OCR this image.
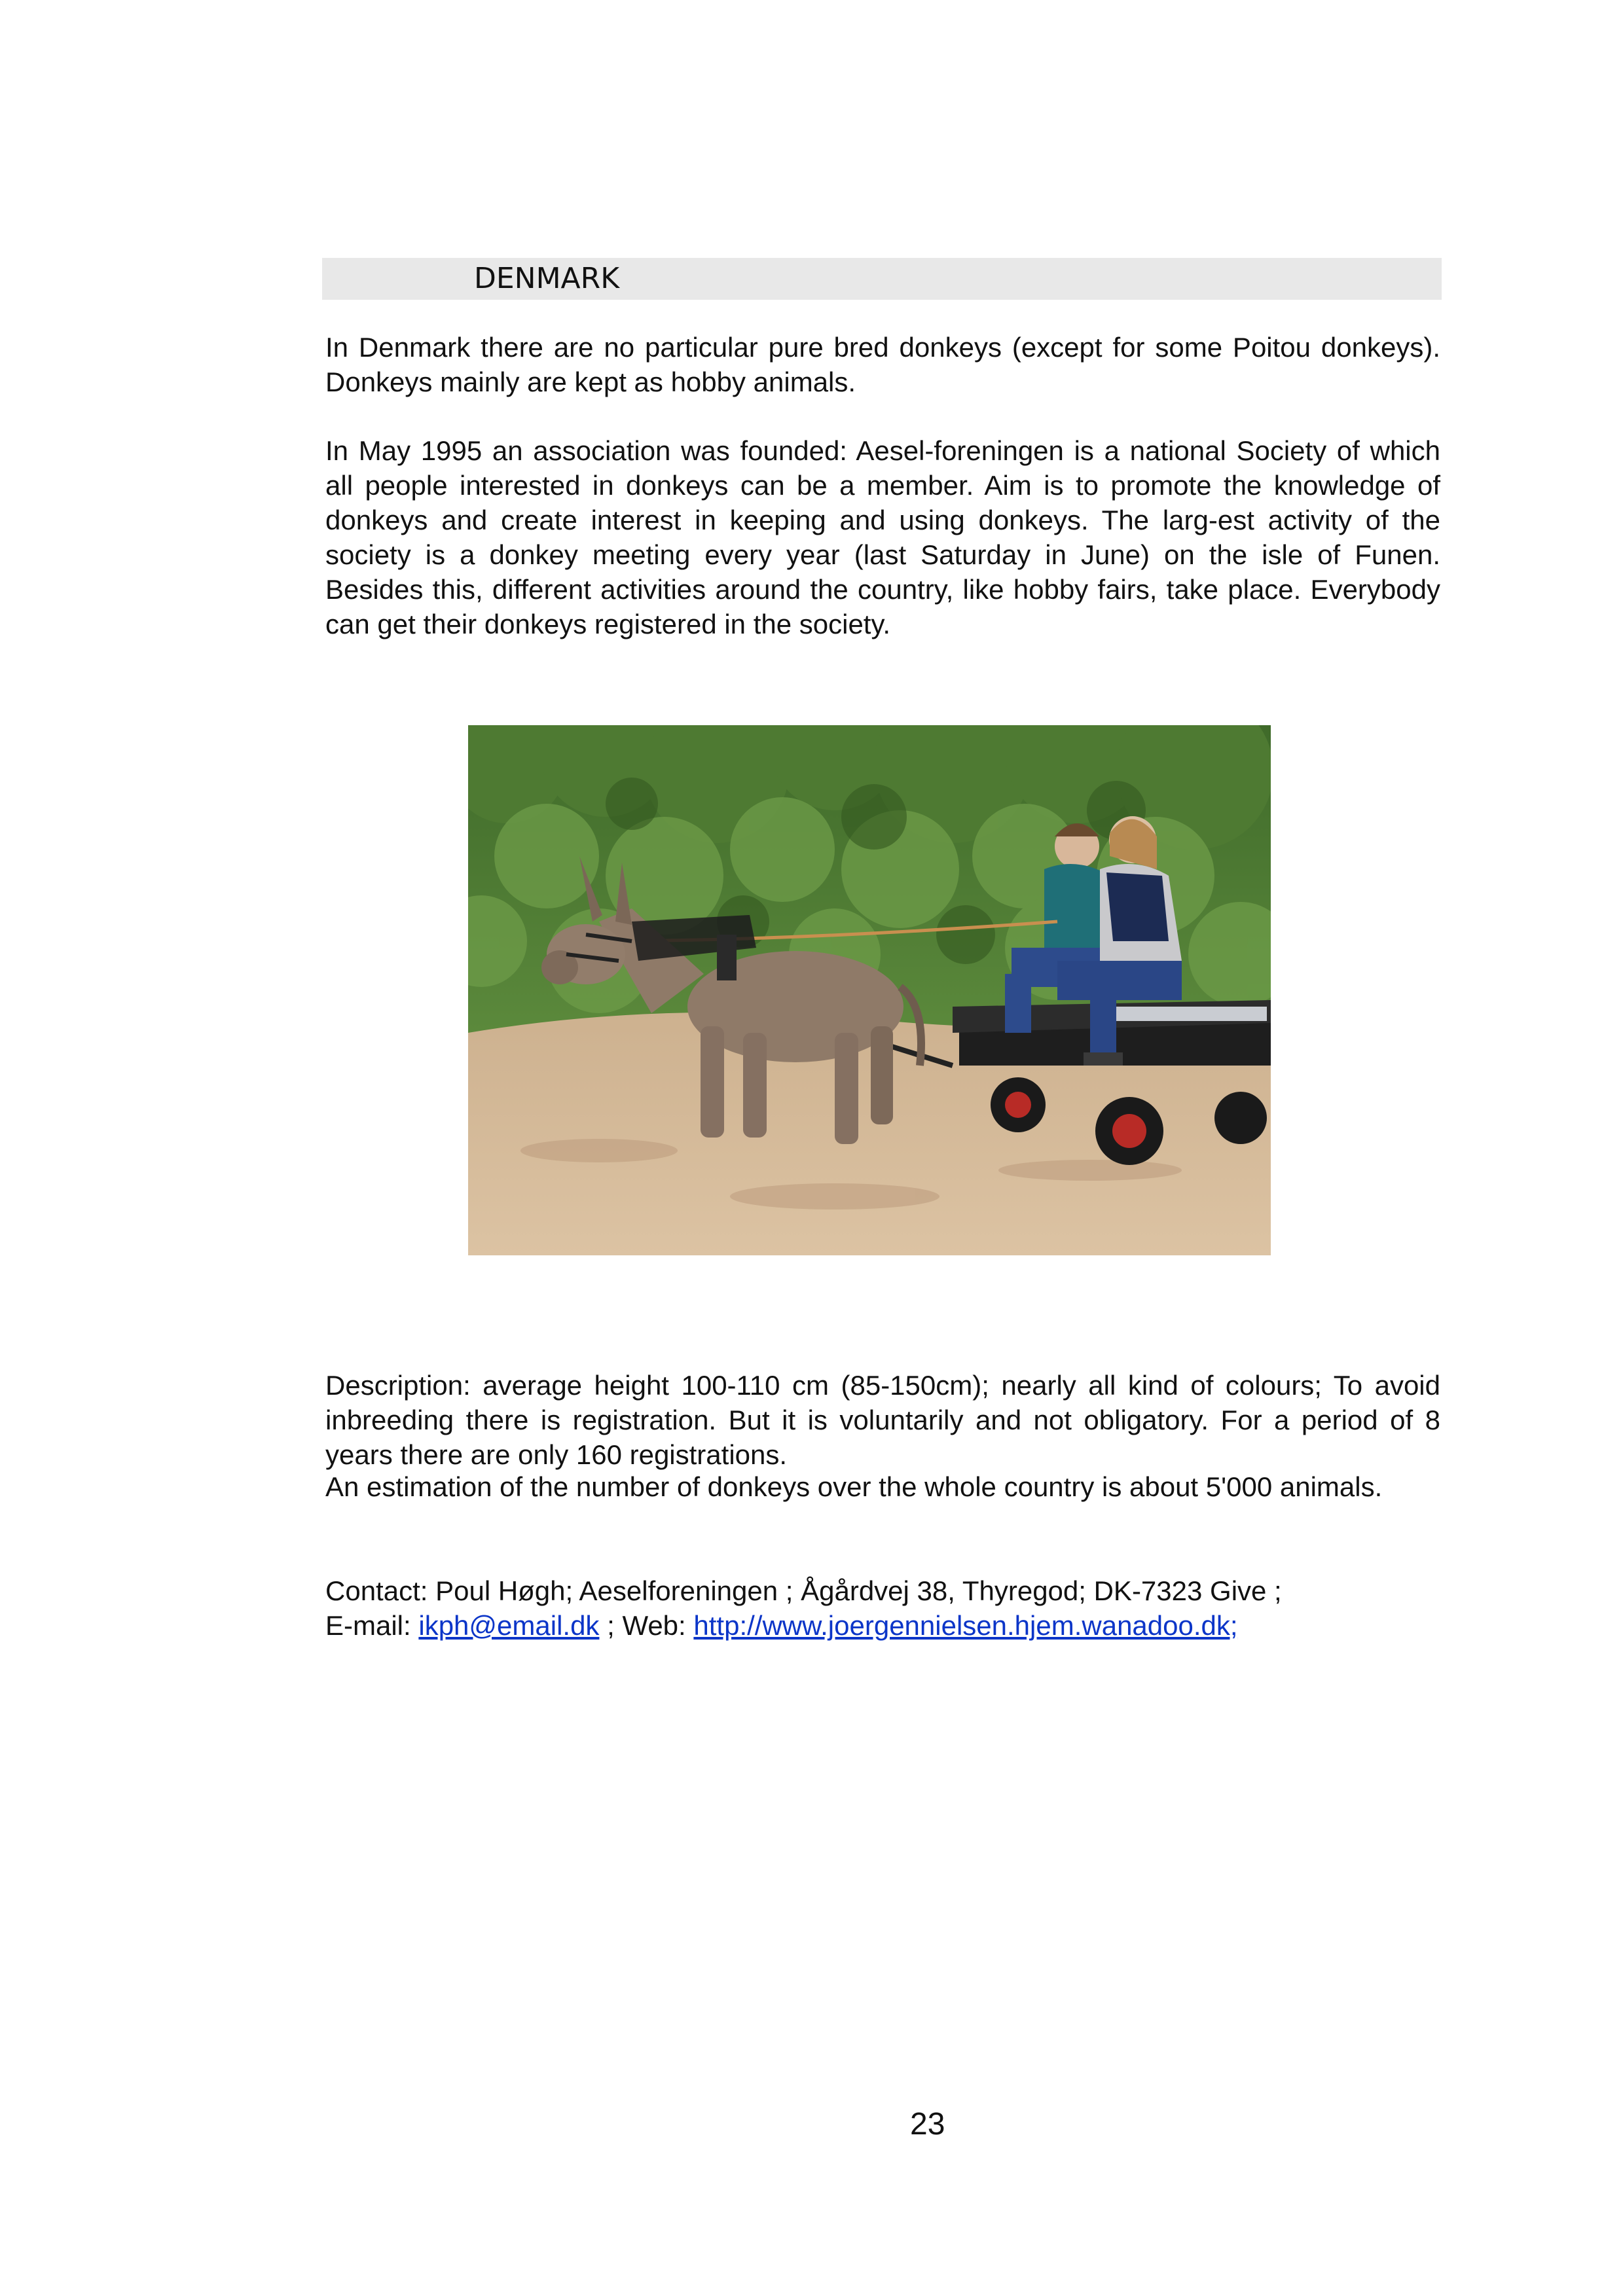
DENMARK

In Denmark there are no particular pure bred donkeys (except for some Poitou donkeys). Donkeys mainly are kept as hobby animals.

In May 1995 an association was founded: Aesel-foreningen is a national Society of which all people interested in donkeys can be a member. Aim is to promote the knowledge of donkeys and create interest in keeping and using donkeys. The larg-est activity of the society is a donkey meeting every year (last Saturday in June) on the isle of Funen. Besides this, different activities around the country, like hobby fairs, take place. Everybody can get their donkeys registered in the society.

Description: average height 100-110 cm (85-150cm); nearly all kind of colours; To avoid inbreeding there is registration. But it is voluntarily and not obligatory. For a period of 8 years there are only 160 registrations.

An estimation of the number of donkeys over the whole country is about 5'000 animals.

Contact: Poul Høgh; Aeselforeningen ; Ågårdvej 38, Thyregod; DK-7323 Give ;
E-mail: ikph@email.dk ; Web: http://www.joergennielsen.hjem.wanadoo.dk;
23
